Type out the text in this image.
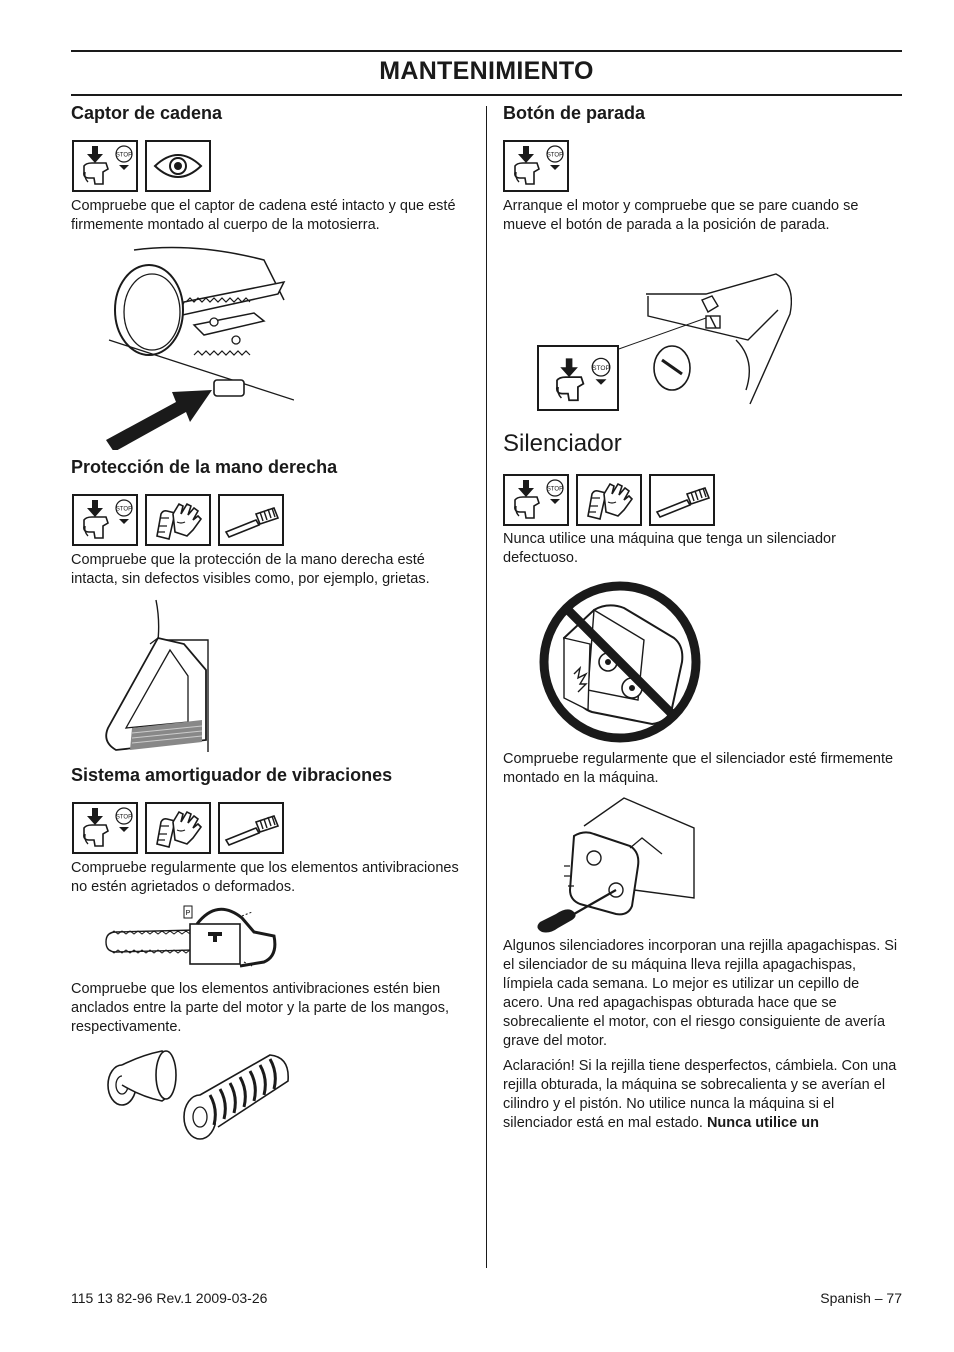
MANTENIMIENTO
Captor de cadena
Compruebe que el captor de cadena esté intacto y que esté firmemente montado al cuerpo de la motosierra.
Protección de la mano derecha
Compruebe que la protección de la mano derecha esté intacta, sin defectos visibles como, por ejemplo, grietas.
Sistema amortiguador de vibraciones
Compruebe regularmente que los elementos antivibraciones no estén agrietados o deformados.
P
Compruebe que los elementos antivibraciones estén bien anclados entre la parte del motor y la parte de los mangos, respectivamente.
Botón de parada
Arranque el motor y compruebe que se pare cuando se mueve el botón de parada a la posición de parada.
Silenciador
Nunca utilice una máquina que tenga un silenciador defectuoso.
Compruebe regularmente que el silenciador esté firmemente montado en la máquina.
Algunos silenciadores incorporan una rejilla apagachispas. Si el silenciador de su máquina lleva rejilla apagachispas, límpiela cada semana. Lo mejor es utilizar un cepillo de acero. Una red apagachispas obturada hace que se sobrecaliente el motor, con el riesgo consiguiente de avería grave del motor.
Aclaración! Si la rejilla tiene desperfectos, cámbiela. Con una rejilla obturada, la máquina se sobrecalienta y se averían el cilindro y el pistón. No utilice nunca la máquina si el silenciador está en mal estado. Nunca utilice un
115 13 82-96 Rev.1 2009-03-26	Spanish – 77
